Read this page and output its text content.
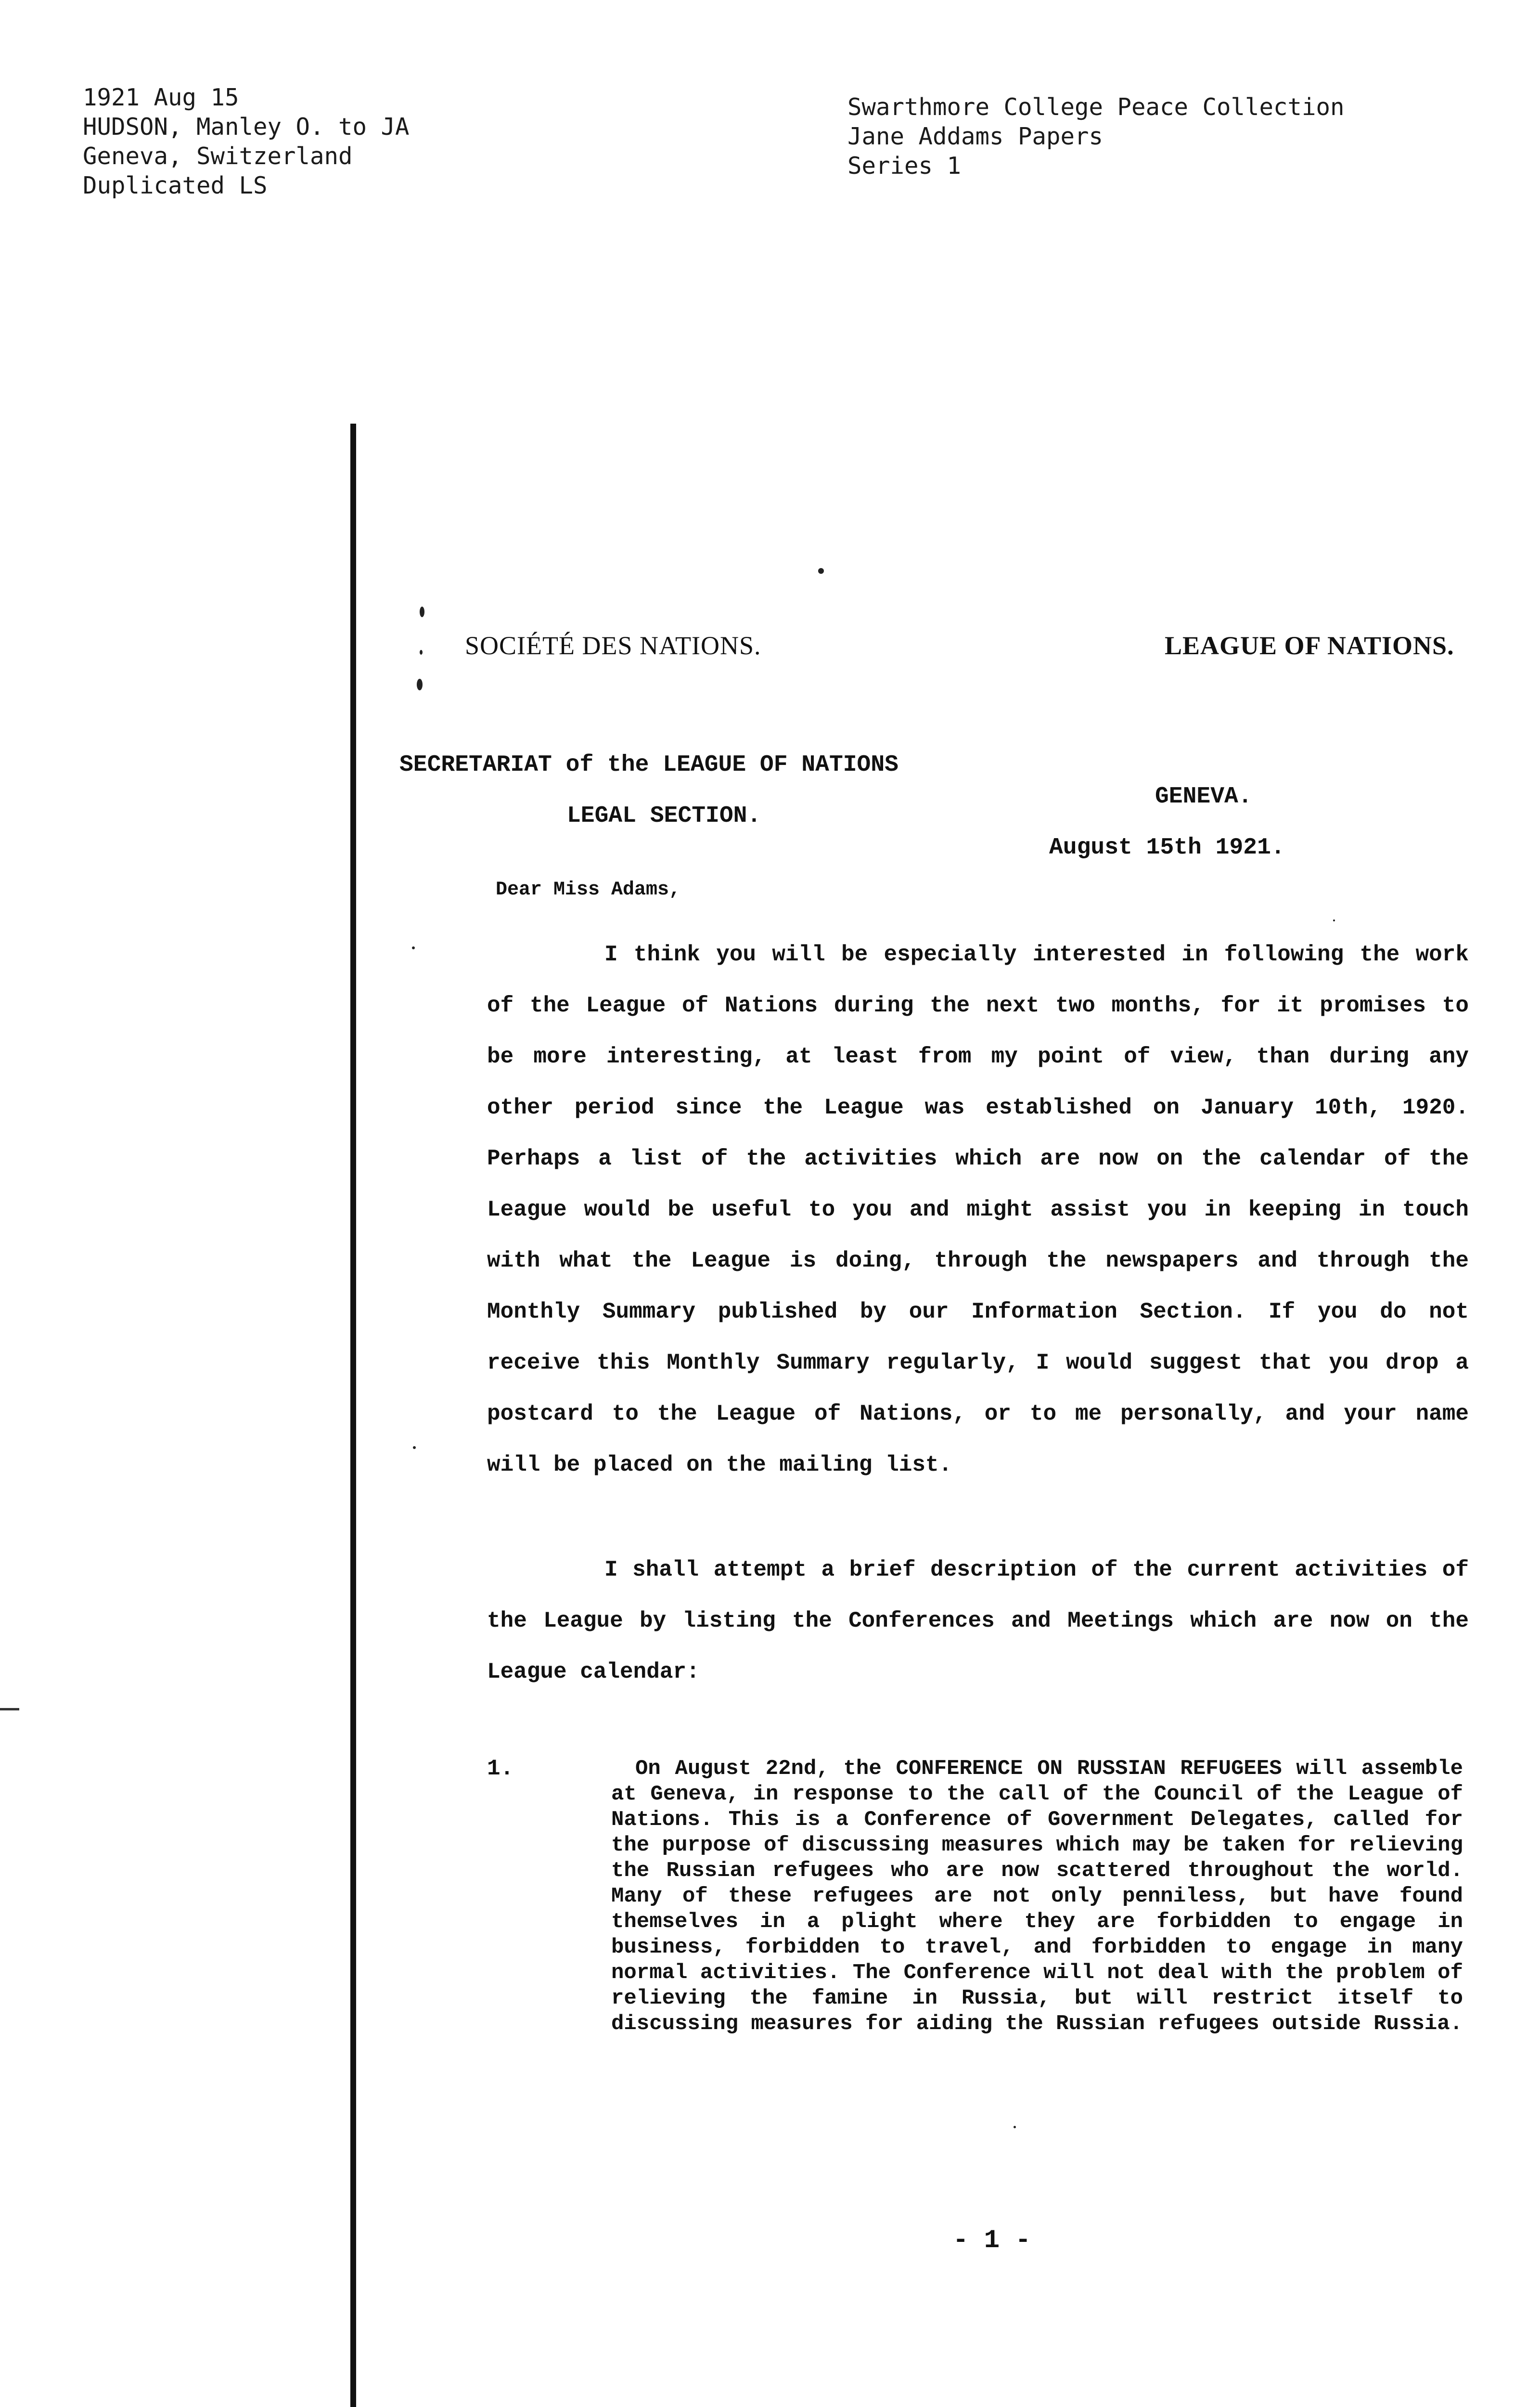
1921 Aug 15
HUDSON, Manley O. to JA
Geneva, Switzerland
Duplicated LS
Swarthmore College Peace Collection
Jane Addams Papers
Series 1
SOCIÉTÉ DES NATIONS.	LEAGUE OF NATIONS.
SECRETARIAT of the LEAGUE OF NATIONS
LEGAL SECTION.
GENEVA.
August 15th 1921.
Dear Miss Adams,
I think you will be especially interested in following the work of the League of Nations during the next two months, for it promises to be more interesting, at least from my point of view, than during any other period since the League was established on January 10th, 1920. Perhaps a list of the activities which are now on the calendar of the League would be useful to you and might assist you in keeping in touch with what the League is doing, through the newspapers and through the Monthly Summary published by our Information Section. If you do not receive this Monthly Summary regularly, I would suggest that you drop a postcard to the League of Nations, or to me personally, and your name will be placed on the mailing list.
I shall attempt a brief description of the current activities of the League by listing the Conferences and Meetings which are now on the League calendar:
1.	On August 22nd, the CONFERENCE ON RUSSIAN REFUGEES will assemble at Geneva, in response to the call of the Council of the League of Nations. This is a Conference of Government Delegates, called for the purpose of discussing measures which may be taken for relieving the Russian refugees who are now scattered throughout the world. Many of these refugees are not only penniless, but have found themselves in a plight where they are forbidden to engage in business, forbidden to travel, and forbidden to engage in many normal activities. The Conference will not deal with the problem of relieving the famine in Russia, but will restrict itself to discussing measures for aiding the Russian refugees outside Russia.
- 1 -
